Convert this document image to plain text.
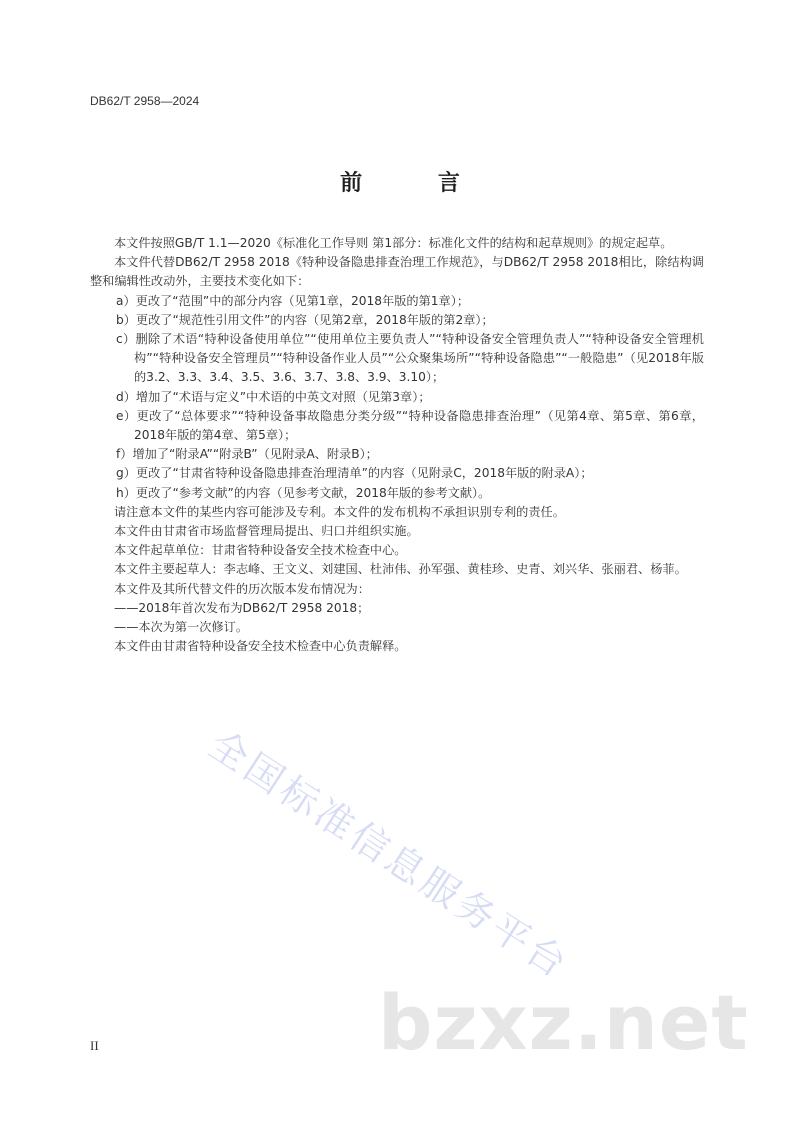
DB62/T 2958—2024
前 言

本文件按照GB/T 1.1—2020《标准化工作导则 第1部分：标准化文件的结构和起草规则》的规定起草。

本文件代替DB62/T 2958 2018《特种设备隐患排查治理工作规范》，与DB62/T 2958 2018相比，除结构调整和编辑性改动外，主要技术变化如下：

a）更改了“范围”中的部分内容（见第1章，2018年版的第1章）；

b）更改了“规范性引用文件”的内容（见第2章，2018年版的第2章）；

c）删除了术语“特种设备使用单位”“使用单位主要负责人”“特种设备安全管理负责人”“特种设备安全管理机构”“特种设备安全管理员”“特种设备作业人员”“公众聚集场所”“特种设备隐患”“一般隐患”（见2018年版的3.2、3.3、3.4、3.5、3.6、3.7、3.8、3.9、3.10）；

d）增加了“术语与定义”中术语的中英文对照（见第3章）；

e）更改了“总体要求”“特种设备事故隐患分类分级”“特种设备隐患排查治理”（见第4章、第5章、第6章，2018年版的第4章、第5章）；

f）增加了“附录A”“附录B”（见附录A、附录B）；

g）更改了“甘肃省特种设备隐患排查治理清单”的内容（见附录C，2018年版的附录A）；

h）更改了“参考文献”的内容（见参考文献，2018年版的参考文献）。

请注意本文件的某些内容可能涉及专利。本文件的发布机构不承担识别专利的责任。

本文件由甘肃省市场监督管理局提出、归口并组织实施。

本文件起草单位：甘肃省特种设备安全技术检查中心。

本文件主要起草人：李志峰、王文义、刘建国、杜沛伟、孙军强、黄桂珍、史青、刘兴华、张丽君、杨菲。

本文件及其所代替文件的历次版本发布情况为：

——2018年首次发布为DB62/T 2958 2018；

——本次为第一次修订。

本文件由甘肃省特种设备安全技术检查中心负责解释。

II
全国标准信息服务平台
bzxz.net
